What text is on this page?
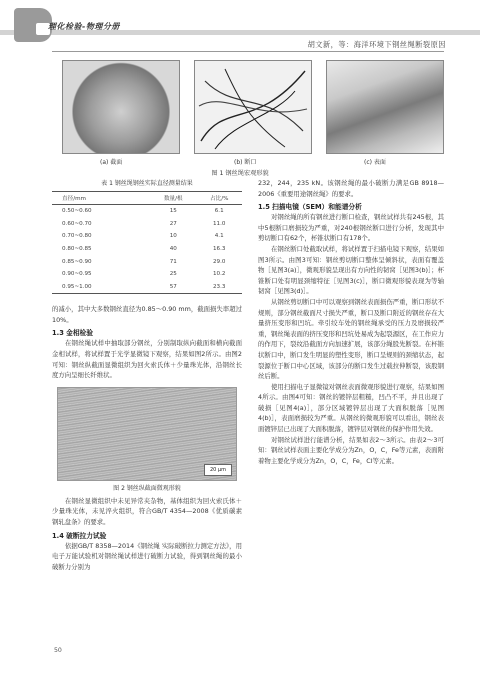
理化检验-物理分册
胡文新，等：海洋环境下钢丝绳断裂原因
(a) 截面	(b) 断口	(c) 表面
图 1 钢丝绳宏观形貌
表 1 钢丝绳钢丝实际直径测量结果
直径/mm	数量/根	占比/%
0.50~0.60	15	6.1
0.60~0.70	27	11.0
0.70~0.80	10	4.1
0.80~0.85	40	16.3
0.85~0.90	71	29.0
0.90~0.95	25	10.2
0.95~1.00	57	23.3

的减小，其中大多数钢丝直径为0.85～0.90 mm，截面损失率超过10%。

1.3 金相检验

在钢丝绳试样中抽取部分钢丝，分别制取纵向截面和横向截面金相试样，将试样置于光学显微镜下观察，结果如图2所示。由图2可知：钢丝纵截面显微组织为回火索氏体＋少量珠光体，沿钢丝长度方向呈细长纤维状。

20 μm
图 2 钢丝纵截面微观形貌

在钢丝显微组织中未见异常夹杂物，基体组织为回火索氏体＋少量珠光体，未见淬火组织，符合GB/T 4354—2008《优质碳素钢轧盘条》的要求。

1.4 破断拉力试验

依据GB/T 8358—2014《钢丝绳 实际破断拉力测定方法》，用电子万能试验机对钢丝绳试样进行破断力试验，得到钢丝绳的最小破断力分别为

232，244，235 kN。该钢丝绳的最小破断力满足GB 8918—2006《重要用途钢丝绳》的要求。

1.5 扫描电镜（SEM）和能谱分析

对钢丝绳的所有钢丝进行断口检查，钢丝试样共有245根，其中5根断口磨损较为严重，对240根钢丝断口进行分析，发现其中剪切断口有62个，杯锥状断口有178个。

在钢丝断口处截取试样，将试样置于扫描电镜下观察，结果如图3所示。由图3可知：钢丝剪切断口整体呈倾斜状，表面有覆盖物［见图3(a)］，微观形貌呈现出有方向性的韧窝［见图3(b)］；杯锥断口处有明显颈缩特征［见图3(c)］，断口微观形貌表现为等轴韧窝［见图3(d)］。

从钢丝剪切断口中可以观察到钢丝表面损伤严重，断口形状不规则，部分钢丝截面尺寸损失严重，断口及断口附近的钢丝存在大量挤压变形和凹坑。牵引绞车处的钢丝绳承受的压力及磨损较严重，钢丝绳表面的挤压变形和凹坑处易成为起裂源区，在工作应力的作用下，裂纹沿截面方向加速扩展，该部分绳股先断裂。在杯锥状断口中，断口发生明显的塑性变形，断口呈规则的颈缩状态，起裂源位于断口中心区域，该部分的断口发生过载拉伸断裂，该股钢丝后断。

使用扫描电子显微镜对钢丝表面微观形貌进行观察，结果如图4所示。由图4可知：钢丝的镀锌层粗糙，凹凸不平，并且出现了破损［见图4(a)］，部分区域镀锌层出现了大面积脱落［见图4(b)］，表面磨损较为严重。从钢丝的微观形貌可以看出，钢丝表面镀锌层已出现了大面积脱落，镀锌层对钢丝的保护作用失效。

对钢丝试样进行能谱分析，结果如表2～3所示。由表2～3可知：钢丝试样表面主要化学成分为Zn，O，C，Fe等元素，表面附着物主要化学成分为Zn，O，C，Fe，Cl等元素。

50
